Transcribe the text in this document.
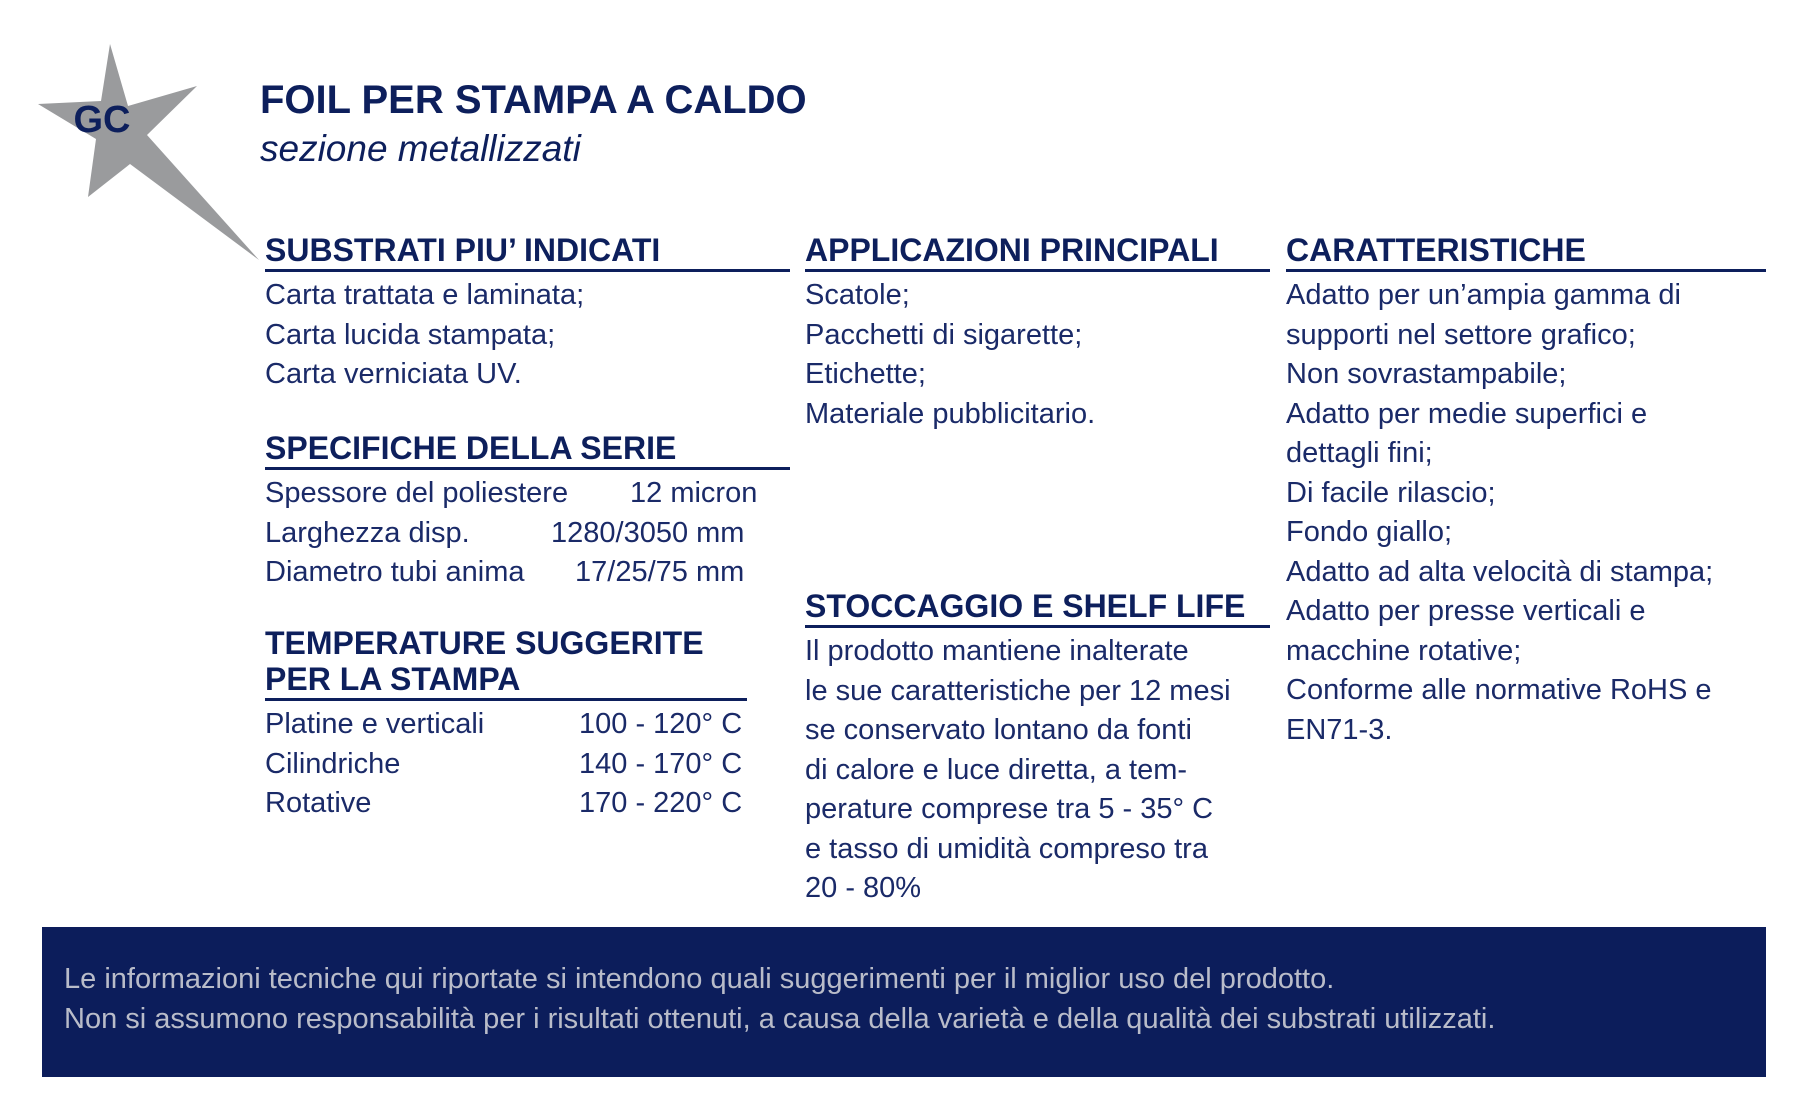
GC	FOIL PER STAMPA A CALDO
sezione metallizzati
SUBSTRATI PIU’ INDICATI
Carta trattata e laminata;
Carta lucida stampata;
Carta verniciata UV.
SPECIFICHE DELLA SERIE
Spessore del poliestere	12 micron
Larghezza disp.	1280/3050 mm
Diametro tubi anima	17/25/75 mm
TEMPERATURE SUGGERITE
PER LA STAMPA
Platine e verticali	100 - 120° C
Cilindriche	140 - 170° C
Rotative	170 - 220° C
APPLICAZIONI PRINCIPALI
Scatole;
Pacchetti di sigarette;
Etichette;
Materiale pubblicitario.
STOCCAGGIO E SHELF LIFE
Il prodotto mantiene inalterate
le sue caratteristiche per 12 mesi
se conservato lontano da fonti
di calore e luce diretta, a tem-
perature comprese tra 5 - 35° C
e tasso di umidità compreso tra
20 - 80%
CARATTERISTICHE
Adatto per un’ampia gamma di
supporti nel settore grafico;
Non sovrastampabile;
Adatto per medie superfici e
dettagli fini;
Di facile rilascio;
Fondo giallo;
Adatto ad alta velocità di stampa;
Adatto per presse verticali e
macchine rotative;
Conforme alle normative RoHS e
EN71-3.
Le informazioni tecniche qui riportate si intendono quali suggerimenti per il miglior uso del prodotto.
Non si assumono responsabilità per i risultati ottenuti, a causa della varietà e della qualità dei substrati utilizzati.
